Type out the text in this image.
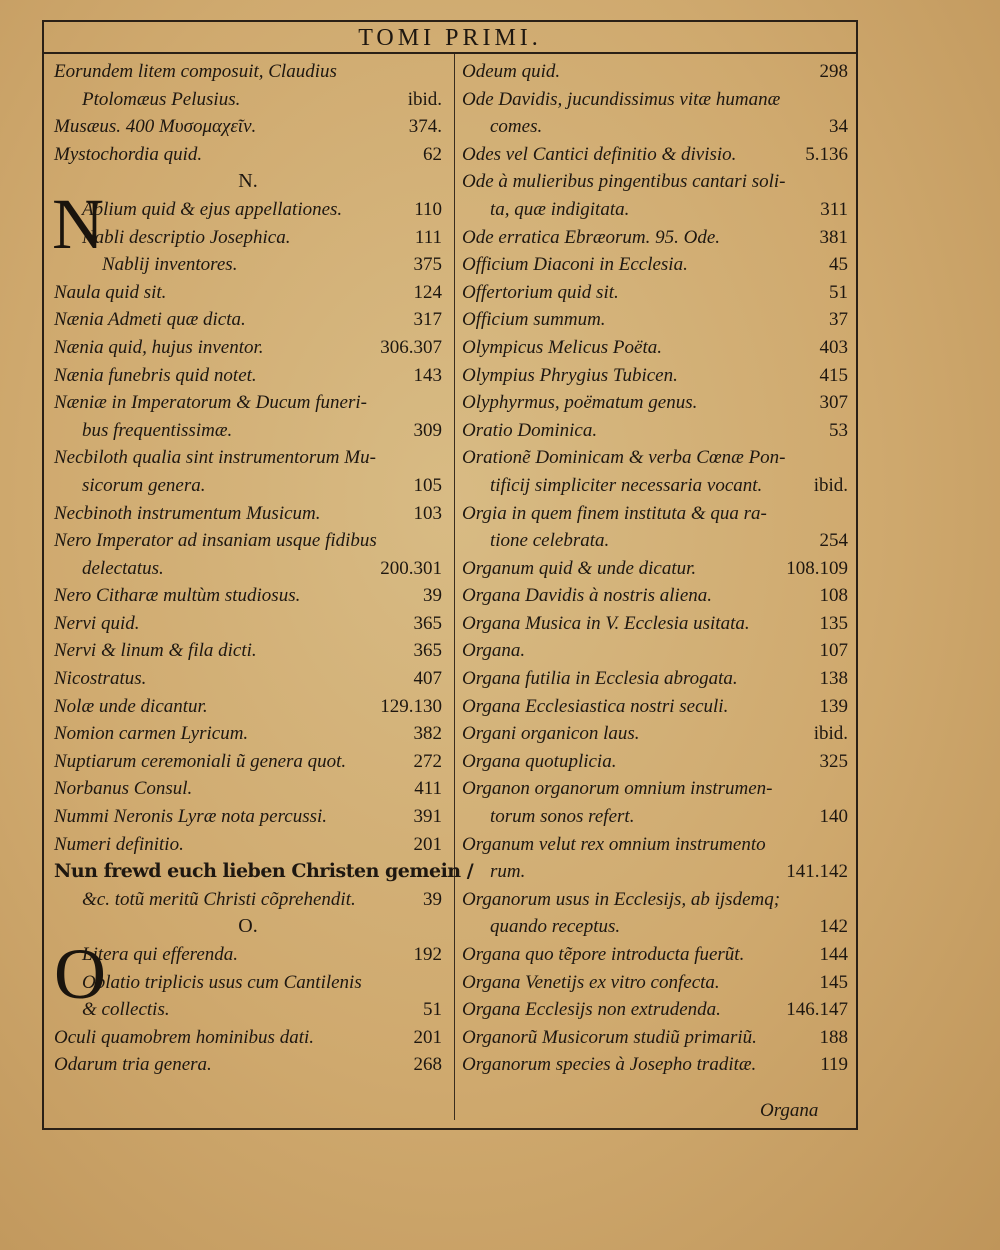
TOMI PRIMI.
Eorundem litem composuit, Claudius
Ptolomæus Pelusius.	ibid.
Musæus. 400 Μυσομαχεῖν.	374.
Mystochordia quid.	62
N.
Ablium quid & ejus appellationes.	110
Nabli descriptio Josephica.	111
Nablij inventores.	375
Naula quid sit.	124
Nænia Admeti quæ dicta.	317
Nænia quid, hujus inventor.	306.307
Nænia funebris quid notet.	143
Næniæ in Imperatorum & Ducum funeri-
bus frequentissimæ.	309
Necbiloth qualia sint instrumentorum Mu-
sicorum genera.	105
Necbinoth instrumentum Musicum.	103
Nero Imperator ad insaniam usque fidibus
delectatus.	200.301
Nero Citharæ multùm studiosus.	39
Nervi quid.	365
Nervi & linum & fila dicti.	365
Nicostratus.	407
Nolæ unde dicantur.	129.130
Nomion carmen Lyricum.	382
Nuptiarum ceremoniali ũ genera quot.	272
Norbanus Consul.	411
Nummi Neronis Lyræ nota percussi.	391
Numeri definitio.	201
Nun frewd euch lieben Christen gemein /
&c. totũ meritũ Christi cõprehendit.	39
O.
Litera qui efferenda.	192
Oblatio triplicis usus cum Cantilenis
& collectis.	51
Oculi quamobrem hominibus dati.	201
Odarum tria genera.	268
Odeum quid.	298
Ode Davidis, jucundissimus vitæ humanæ
comes.	34
Odes vel Cantici definitio & divisio.	5.136
Ode à mulieribus pingentibus cantari soli-
ta, quæ indigitata.	311
Ode erratica Ebræorum. 95. Ode.	381
Officium Diaconi in Ecclesia.	45
Offertorium quid sit.	51
Officium summum.	37
Olympicus Melicus Poëta.	403
Olympius Phrygius Tubicen.	415
Olyphyrmus, poëmatum genus.	307
Oratio Dominica.	53
Orationẽ Dominicam & verba Cœnæ Pon-
tificij simpliciter necessaria vocant.	ibid.
Orgia in quem finem instituta & qua ra-
tione celebrata.	254
Organum quid & unde dicatur.	108.109
Organa Davidis à nostris aliena.	108
Organa Musica in V. Ecclesia usitata.	135
Organa.	107
Organa futilia in Ecclesia abrogata.	138
Organa Ecclesiastica nostri seculi.	139
Organi organicon laus.	ibid.
Organa quotuplicia.	325
Organon organorum omnium instrumen-
torum sonos refert.	140
Organum velut rex omnium instrumento
rum.	141.142
Organorum usus in Ecclesijs, ab ijsdemq;
quando receptus.	142
Organa quo tẽpore introducta fuerũt.	144
Organa Venetijs ex vitro confecta.	145
Organa Ecclesijs non extrudenda.	146.147
Organorũ Musicorum studiũ primariũ.	188
Organorum species à Josepho traditæ.	119
N
O
Organa
